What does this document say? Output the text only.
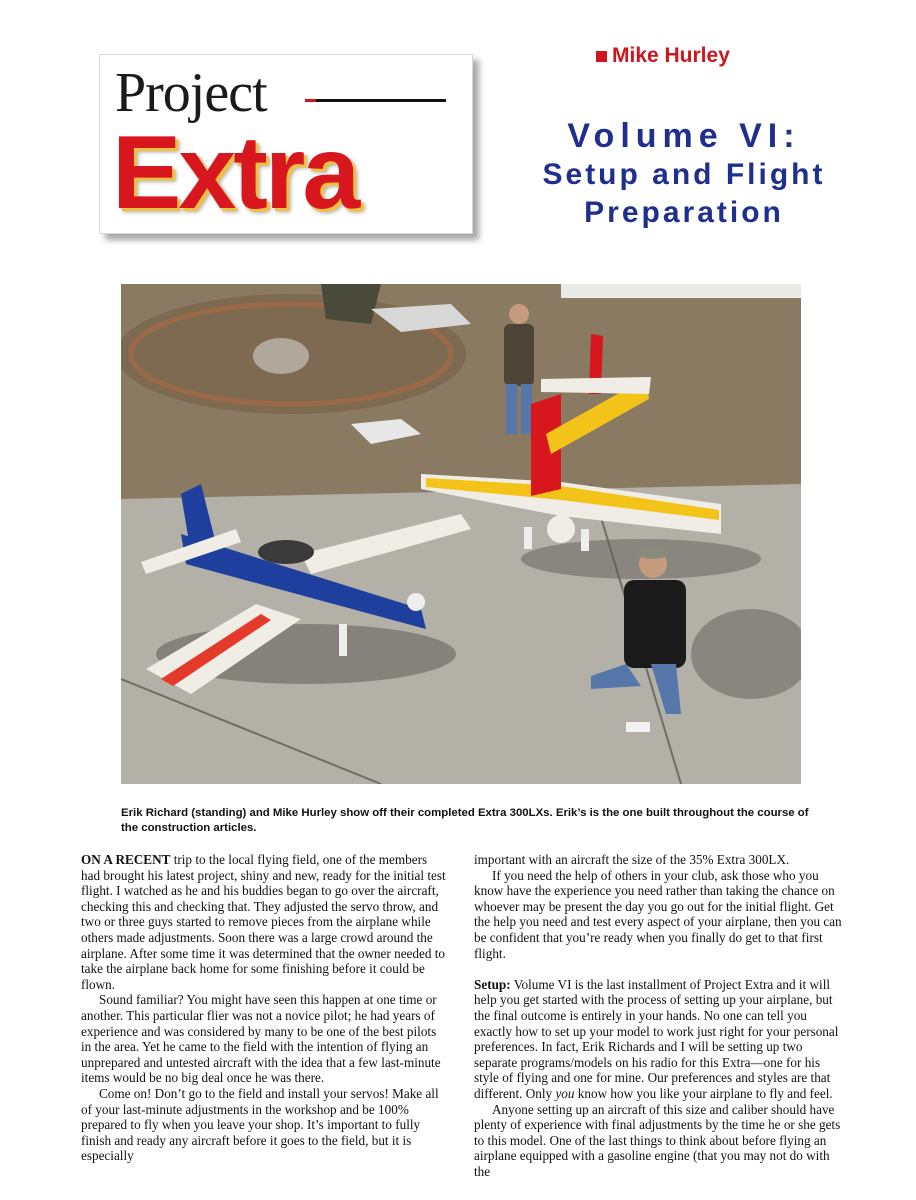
Mike Hurley
Project
Extra	Volume VI:
Setup and Flight
Preparation
Erik Richard (standing) and Mike Hurley show off their completed Extra 300LXs. Erik’s is the one built throughout the course of the construction articles.

ON A RECENT trip to the local flying field, one of the members had brought his latest project, shiny and new, ready for the initial test flight. I watched as he and his buddies began to go over the aircraft, checking this and checking that. They adjusted the servo throw, and two or three guys started to remove pieces from the airplane while others made adjustments. Soon there was a large crowd around the airplane. After some time it was determined that the owner needed to take the airplane back home for some finishing before it could be flown.

Sound familiar? You might have seen this happen at one time or another. This particular flier was not a novice pilot; he had years of experience and was considered by many to be one of the best pilots in the area. Yet he came to the field with the intention of flying an unprepared and untested aircraft with the idea that a few last-minute items would be no big deal once he was there.

Come on! Don’t go to the field and install your servos! Make all of your last-minute adjustments in the workshop and be 100% prepared to fly when you leave your shop. It’s important to fully finish and ready any aircraft before it goes to the field, but it is especially

important with an aircraft the size of the 35% Extra 300LX.

If you need the help of others in your club, ask those who you know have the experience you need rather than taking the chance on whoever may be present the day you go out for the initial flight. Get the help you need and test every aspect of your airplane, then you can be confident that you’re ready when you finally do get to that first flight.

Setup: Volume VI is the last installment of Project Extra and it will help you get started with the process of setting up your airplane, but the final outcome is entirely in your hands. No one can tell you exactly how to set up your model to work just right for your personal preferences. In fact, Erik Richards and I will be setting up two separate programs/models on his radio for this Extra—one for his style of flying and one for mine. Our preferences and styles are that different. Only you know how you like your airplane to fly and feel.

Anyone setting up an aircraft of this size and caliber should have plenty of experience with final adjustments by the time he or she gets to this model. One of the last things to think about before flying an airplane equipped with a gasoline engine (that you may not do with the
